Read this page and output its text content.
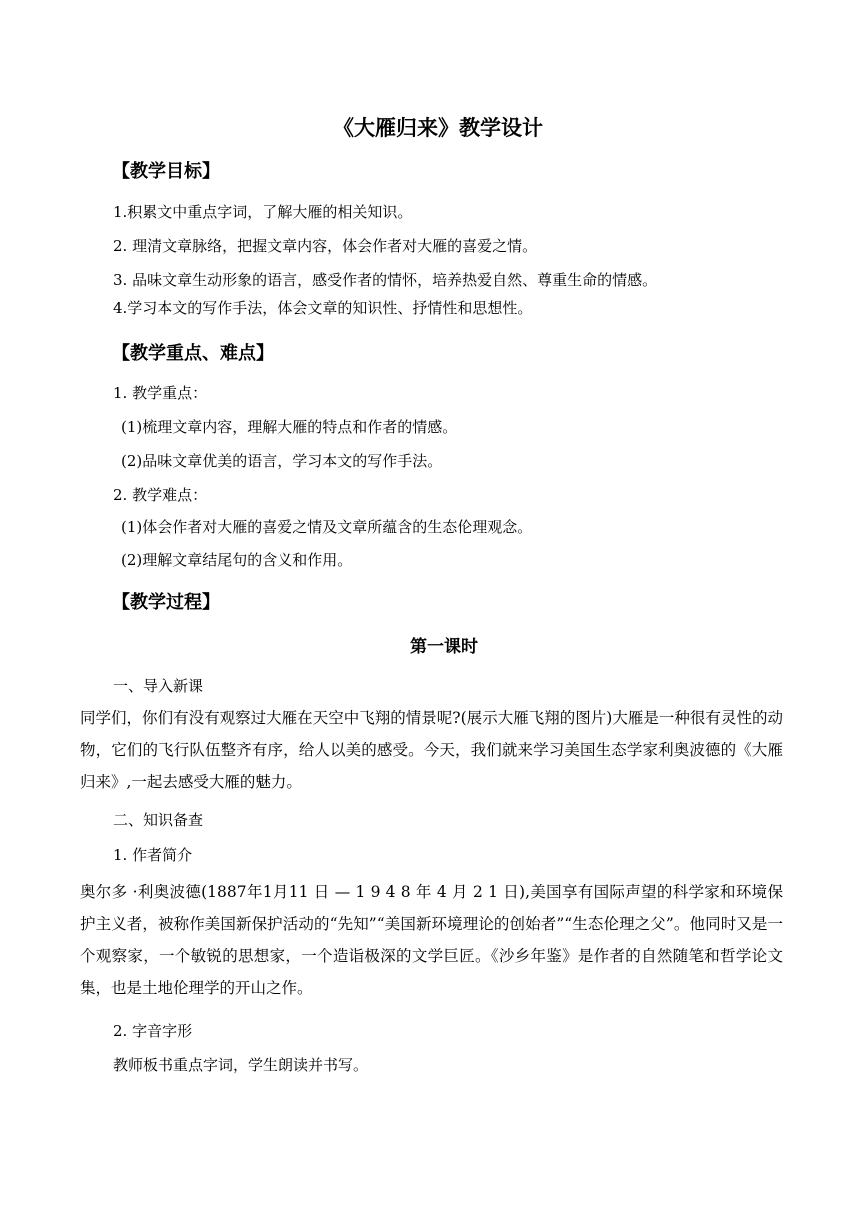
《大雁归来》教学设计
【教学目标】
1.积累文中重点字词，了解大雁的相关知识。
2. 理清文章脉络，把握文章内容，体会作者对大雁的喜爱之情。
3. 品味文章生动形象的语言，感受作者的情怀，培养热爱自然、尊重生命的情感。
4.学习本文的写作手法，体会文章的知识性、抒情性和思想性。
【教学重点、难点】
1. 教学重点：
(1)梳理文章内容，理解大雁的特点和作者的情感。
(2)品味文章优美的语言，学习本文的写作手法。
2. 教学难点：
(1)体会作者对大雁的喜爱之情及文章所蕴含的生态伦理观念。
(2)理解文章结尾句的含义和作用。
【教学过程】
第一课时
一、导入新课
同学们，你们有没有观察过大雁在天空中飞翔的情景呢?(展示大雁飞翔的图片)大雁是一种很有灵性的动物，它们的飞行队伍整齐有序，给人以美的感受。今天，我们就来学习美国生态学家利奥波德的《大雁归来》,一起去感受大雁的魅力。
二、知识备查
1. 作者简介
奥尔多 ·利奥波德(1887年1月11 日 — 1 9 4 8 年 4 月 2 1 日),美国享有国际声望的科学家和环境保护主义者，被称作美国新保护活动的“先知”“美国新环境理论的创始者”“生态伦理之父”。他同时又是一个观察家，一个敏锐的思想家，一个造诣极深的文学巨匠。《沙乡年鉴》是作者的自然随笔和哲学论文集，也是土地伦理学的开山之作。
2. 字音字形
教师板书重点字词，学生朗读并书写。
